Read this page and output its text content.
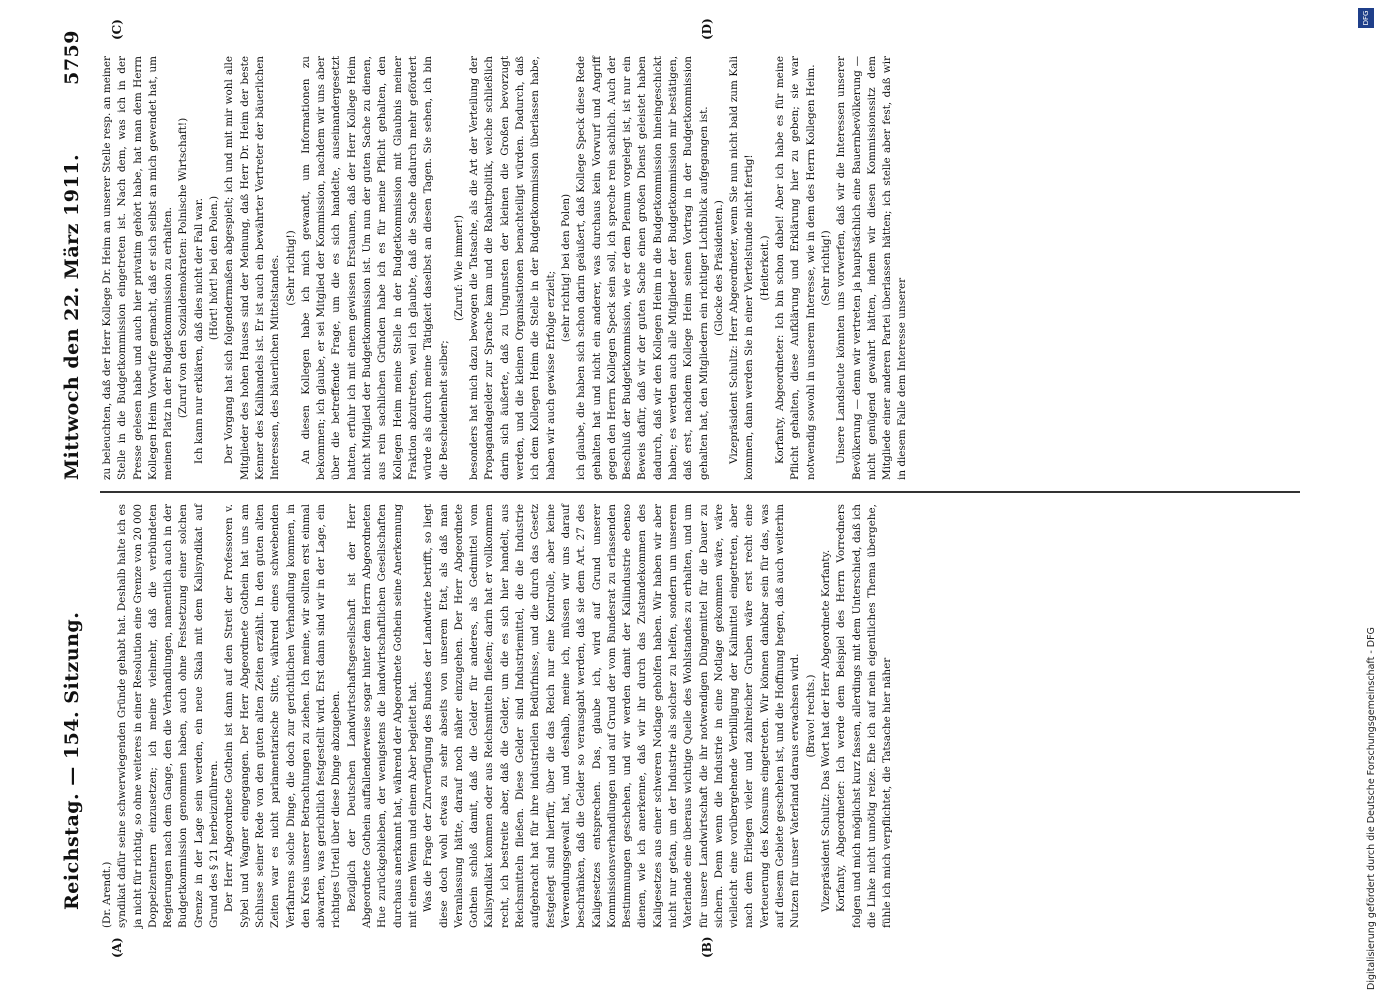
Reichstag. — 154. Sitzung.
Mittwoch den 22. März 1911.
5759
(A)	(B)
(C)	(D)

(Dr. Arendt.) syndikat dafür seine schwerwiegenden Gründe gehabt hat. Deshalb halte ich es ja nicht für richtig, so ohne weiteres in einer Resolution eine Grenze von 20 000 Doppelzentnern einzusetzen; ich meine vielmehr, daß die verbündeten Regierungen nach dem Gange, den die Verhandlungen, namentlich auch in der Budgetkommission genommen haben, auch ohne Festsetzung einer solchen Grenze in der Lage sein werden, ein neue Skala mit dem Kalisyndikat auf Grund des § 21 herbeizuführen. Der Herr Abgeordnete Gothein ist dann auf den Streit der Professoren v. Sybel und Wagner eingegangen. Der Herr Abgeordnete Gothein hat uns am Schlusse seiner Rede von den guten alten Zeiten erzählt. In den guten alten Zeiten war es nicht parlamentarische Sitte, während eines schwebenden Verfahrens solche Dinge, die doch zur gerichtlichen Verhandlung kommen, in den Kreis unserer Betrachtungen zu ziehen. Ich meine, wir sollten erst einmal abwarten, was gerichtlich festgestellt wird. Erst dann sind wir in der Lage, ein richtiges Urteil über diese Dinge abzugeben. Bezüglich der Deutschen Landwirtschaftsgesellschaft ist der Herr Abgeordnete Gothein auffallenderweise sogar hinter dem Herrn Abgeordneten Hue zurückgeblieben, der wenigstens die landwirtschaftlichen Gesellschaften durchaus anerkannt hat, während der Abgeordnete Gothein seine Anerkennung mit einem Wenn und einem Aber begleitet hat. Was die Frage der Zurverfügung des Bundes der Landwirte betrifft, so liegt diese doch wohl etwas zu sehr abseits von unserem Etat, als daß man Veranlassung hätte, darauf noch näher einzugehen. Der Herr Abgeordnete Gothein schloß damit, daß die Gelder für anderes, als Gedmittel vom Kalisyndikat kommen oder aus Reichsmitteln fließen; darin hat er vollkommen recht, ich bestreite aber, daß die Gelder, um die es sich hier handelt, aus Reichsmitteln fließen. Diese Gelder sind Industriemittel, die die Industrie aufgebracht hat für ihre industriellen Bedürfnisse, und die durch das Gesetz festgelegt sind hierfür, über die das Reich nur eine Kontrolle, aber keine Verwendungsgewalt hat, und deshalb, meine ich, müssen wir uns darauf beschränken, daß die Gelder so verausgabt werden, daß sie dem Art. 27 des Kaligesetzes entsprechen. Das, glaube ich, wird auf Grund unserer Kommissionsverhandlungen und auf Grund der vom Bundesrat zu erlassenden Bestimmungen geschehen, und wir werden damit der Kaliindustrie ebenso dienen, wie ich anerkenne, daß wir ihr durch das Zustandekommen des Kaligesetzes aus einer schweren Notlage geholfen haben. Wir haben wir aber nicht nur getan, um der Industrie als solcher zu helfen, sondern um unserem Vaterlande eine überaus wichtige Quelle des Wohlstandes zu erhalten, und um für unsere Landwirtschaft die ihr notwendigen Düngemittel für die Dauer zu sichern. Denn wenn die Industrie in eine Notlage gekommen wäre, wäre vielleicht eine vorübergehende Verbilligung der Kalimittel eingetreten, aber nach dem Erliegen vieler und zahlreicher Gruben wäre erst recht eine Verteuerung des Konsums eingetreten. Wir können dankbar sein für das, was auf diesem Gebiete geschehen ist, und die Hoffnung hegen, daß auch weiterhin Nutzen für unser Vaterland daraus erwachsen wird. (Bravo! rechts.) Vizepräsident Schultz: Das Wort hat der Herr Abgeordnete Korfanty. Korfanty, Abgeordneter: Ich werde dem Beispiel des Herrn Vorredners folgen und mich möglichst kurz fassen, allerdings mit dem Unterschied, daß ich die Linke nicht unnötig reize. Ehe ich auf mein eigentliches Thema übergehe, fühle ich mich verpflichtet, die Tatsache hier näher

zu beleuchten, daß der Herr Kollege Dr. Heim an unserer Stelle resp. an meiner Stelle in die Budgetkommission eingetreten ist. Nach dem, was ich in der Presse gelesen habe und auch hier privatim gehört habe, hat man dem Herrn Kollegen Heim Vorwürfe gemacht, daß er sich selbst an mich gewendet hat, um meinen Platz in der Budgetkommission zu erhalten. (Zuruf von den Sozialdemokraten: Polnische Wirtschaft!) Ich kann nur erklären, daß dies nicht der Fall war. (Hört! hört! bei den Polen.) Der Vorgang hat sich folgendermaßen abgespielt; ich und mit mir wohl alle Mitglieder des hohen Hauses sind der Meinung, daß Herr Dr. Heim der beste Kenner des Kalihandels ist. Er ist auch ein bewährter Vertreter der bäuerlichen Interessen, des bäuerlichen Mittelstandes. (Sehr richtig!) An diesen Kollegen habe ich mich gewandt, um Informationen zu bekommen; ich glaube, er sei Mitglied der Kommission, nachdem wir uns aber über die betreffende Frage, um die es sich handelte, auseinandergesetzt hatten, erfuhr ich mit einem gewissen Erstaunen, daß der Herr Kollege Heim nicht Mitglied der Budgetkommission ist. Um nun der guten Sache zu dienen, aus rein sachlichen Gründen habe ich es für meine Pflicht gehalten, den Kollegen Heim meine Stelle in der Budgetkommission mit Glaubnis meiner Fraktion abzutreten, weil ich glaubte, daß die Sache dadurch mehr gefördert würde als durch meine Tätigkeit daselbst an diesen Tagen. Sie sehen, ich bin die Bescheidenheit selber;

(Zuruf: Wie immer!) besonders hat mich dazu bewogen die Tatsache, als die Art der Verteilung der Propagandagelder zur Sprache kam und die Rabattpolitik, welche schließlich darin sich äußerte, daß zu Ungunsten der kleinen die Großen bevorzugt werden, und die kleinen Organisationen benachteiligt würden. Dadurch, daß ich dem Kollegen Heim die Stelle in der Budgetkommission überlassen habe, haben wir auch gewisse Erfolge erzielt;

(sehr richtig! bei den Polen) ich glaube, die haben sich schon darin geäußert, daß Kollege Speck diese Rede gehalten hat und nicht ein anderer, was durchaus kein Vorwurf und Angriff gegen den Herrn Kollegen Speck sein soll, ich spreche rein sachlich. Auch der Beschluß der Budgetkommission, wie er dem Plenum vorgelegt ist, ist nur ein Beweis dafür, daß wir der guten Sache einen großen Dienst geleistet haben dadurch, daß wir den Kollegen Heim in die Budgetkommission hineingeschickt haben; es werden auch alle Mitglieder der Budgetkommission mir bestätigen, daß erst, nachdem Kollege Heim seinen Vortrag in der Budgetkommission gehalten hat, den Mitgliedern ein richtiger Lichtblick aufgegangen ist. (Glocke des Präsidenten.) Vizepräsident Schultz: Herr Abgeordneter, wenn Sie nun nicht bald zum Kali kommen, dann werden Sie in einer Viertelstunde nicht fertig! (Heiterkeit.) Korfanty, Abgeordneter: Ich bin schon dabei! Aber ich habe es für meine Pflicht gehalten, diese Aufklärung und Erklärung hier zu geben; sie war notwendig sowohl in unserem Interesse, wie in dem des Herrn Kollegen Heim. (Sehr richtig!) Unsere Landsleute könnten uns vorwerfen, daß wir die Interessen unserer Bevölkerung — denn wir vertreten ja hauptsächlich eine Bauernbevölkerung — nicht genügend gewahrt hätten, indem wir diesen Kommissionssitz dem Mitgliede einer anderen Partei überlassen hätten; ich stelle aber fest, daß wir in diesem Falle dem Interesse unserer

DFG
Digitalisierung gefördert durch die Deutsche Forschungsgemeinschaft - DFG
